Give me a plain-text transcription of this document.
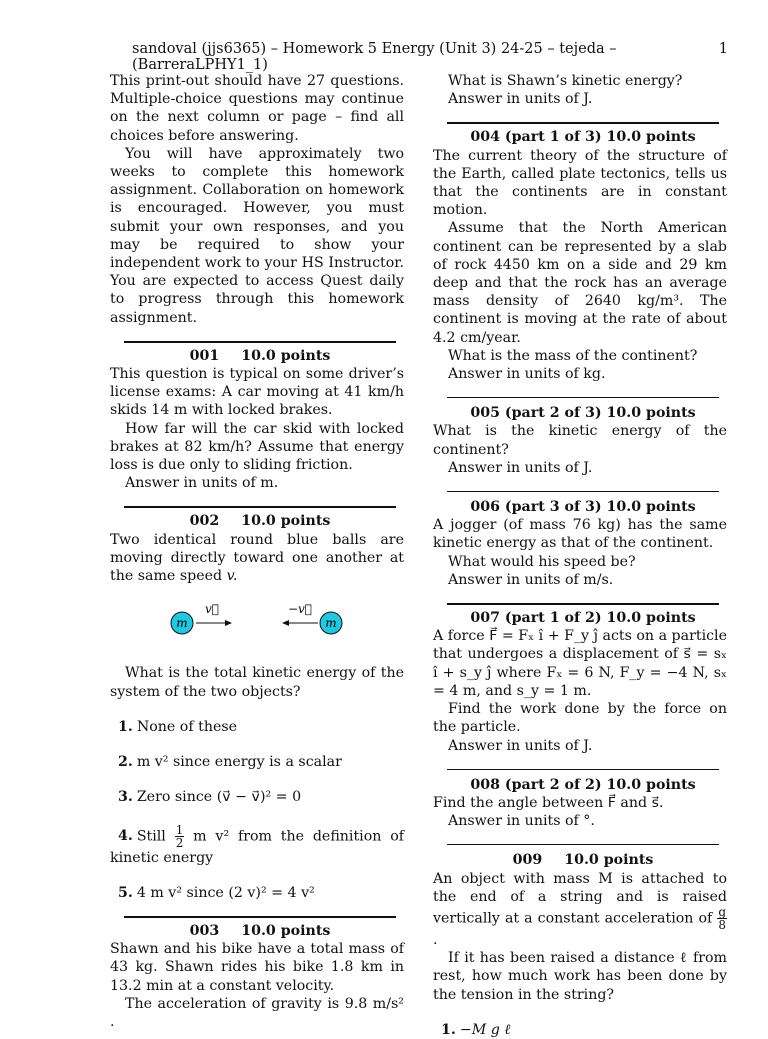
sandoval (jjs6365) – Homework 5 Energy (Unit 3) 24-25 – tejeda – (BarreraLPHY1_1)
1

This print-out should have 27 questions. Multiple-choice questions may continue on the next column or page – find all choices before answering.

You will have approximately two weeks to complete this homework assignment. Collaboration on homework is encouraged. However, you must submit your own responses, and you may be required to show your independent work to your HS Instructor. You are expected to access Quest daily to progress through this homework assignment.

001 10.0 points

This question is typical on some driver’s license exams: A car moving at 41 km/h skids 14 m with locked brakes.

How far will the car skid with locked brakes at 82 km/h? Assume that energy loss is due only to sliding friction.

Answer in units of m.

002 10.0 points

Two identical round blue balls are moving directly toward one another at the same speed v.

m
v⃗	−v⃗
m

What is the total kinetic energy of the system of the two objects?

1. None of these
2. m v² since energy is a scalar
3. Zero since (v⃗ − v⃗)² = 0
4. Still $\frac{1}{2}$ m v² from the definition of kinetic energy
5. 4 m v² since (2 v)² = 4 v²
003 10.0 points

Shawn and his bike have a total mass of 43 kg. Shawn rides his bike 1.8 km in 13.2 min at a constant velocity.

The acceleration of gravity is 9.8 m/s² .

What is Shawn’s kinetic energy?

Answer in units of J.

004 (part 1 of 3) 10.0 points

The current theory of the structure of the Earth, called plate tectonics, tells us that the continents are in constant motion.

Assume that the North American continent can be represented by a slab of rock 4450 km on a side and 29 km deep and that the rock has an average mass density of 2640 kg/m³. The continent is moving at the rate of about 4.2 cm/year.

What is the mass of the continent?

Answer in units of kg.

005 (part 2 of 3) 10.0 points

What is the kinetic energy of the continent?

Answer in units of J.

006 (part 3 of 3) 10.0 points

A jogger (of mass 76 kg) has the same kinetic energy as that of the continent.

What would his speed be?

Answer in units of m/s.

007 (part 1 of 2) 10.0 points

A force F⃗ = Fₓ î + F_y ĵ acts on a particle that undergoes a displacement of s⃗ = sₓ î + s_y ĵ where Fₓ = 6 N, F_y = −4 N, sₓ = 4 m, and s_y = 1 m.

Find the work done by the force on the particle.

Answer in units of J.

008 (part 2 of 2) 10.0 points

Find the angle between F⃗ and s⃗.

Answer in units of °.

009 10.0 points

An object with mass M is attached to the end of a string and is raised vertically at a constant acceleration of $\frac{g}{8}$
.

If it has been raised a distance ℓ from rest, how much work has been done by the tension in the string?

1. −M g ℓ
